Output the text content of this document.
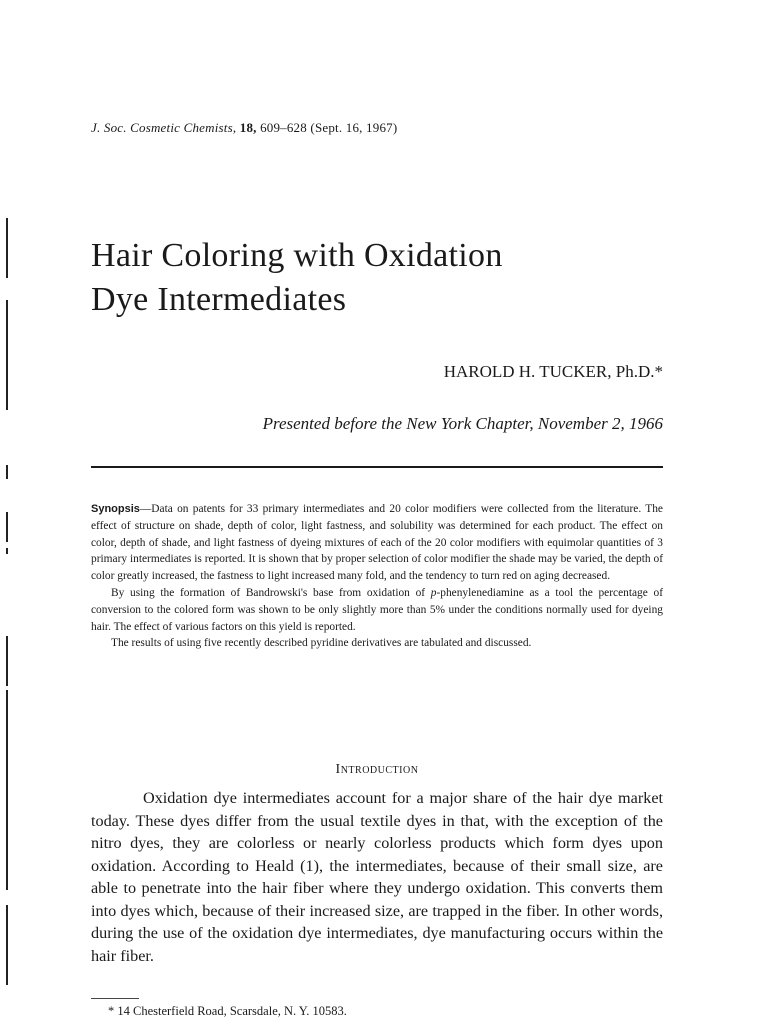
J. Soc. Cosmetic Chemists, 18, 609–628 (Sept. 16, 1967)
Hair Coloring with Oxidation
Dye Intermediates
HAROLD H. TUCKER, Ph.D.*
Presented before the New York Chapter, November 2, 1966

Synopsis—Data on patents for 33 primary intermediates and 20 color modifiers were collected from the literature. The effect of structure on shade, depth of color, light fastness, and solubility was determined for each product. The effect on color, depth of shade, and light fastness of dyeing mixtures of each of the 20 color modifiers with equimolar quantities of 3 primary intermediates is reported. It is shown that by proper selection of color modifier the shade may be varied, the depth of color greatly increased, the fastness to light increased many fold, and the tendency to turn red on aging decreased.

By using the formation of Bandrowski's base from oxidation of p-phenylenediamine as a tool the percentage of conversion to the colored form was shown to be only slightly more than 5% under the conditions normally used for dyeing hair. The effect of various factors on this yield is reported.

The results of using five recently described pyridine derivatives are tabulated and discussed.

Introduction

Oxidation dye intermediates account for a major share of the hair dye market today. These dyes differ from the usual textile dyes in that, with the exception of the nitro dyes, they are colorless or nearly colorless products which form dyes upon oxidation. According to Heald (1), the intermediates, because of their small size, are able to penetrate into the hair fiber where they undergo oxidation. This converts them into dyes which, because of their increased size, are trapped in the fiber. In other words, during the use of the oxidation dye intermediates, dye manufacturing occurs within the hair fiber.

* 14 Chesterfield Road, Scarsdale, N. Y. 10583.
